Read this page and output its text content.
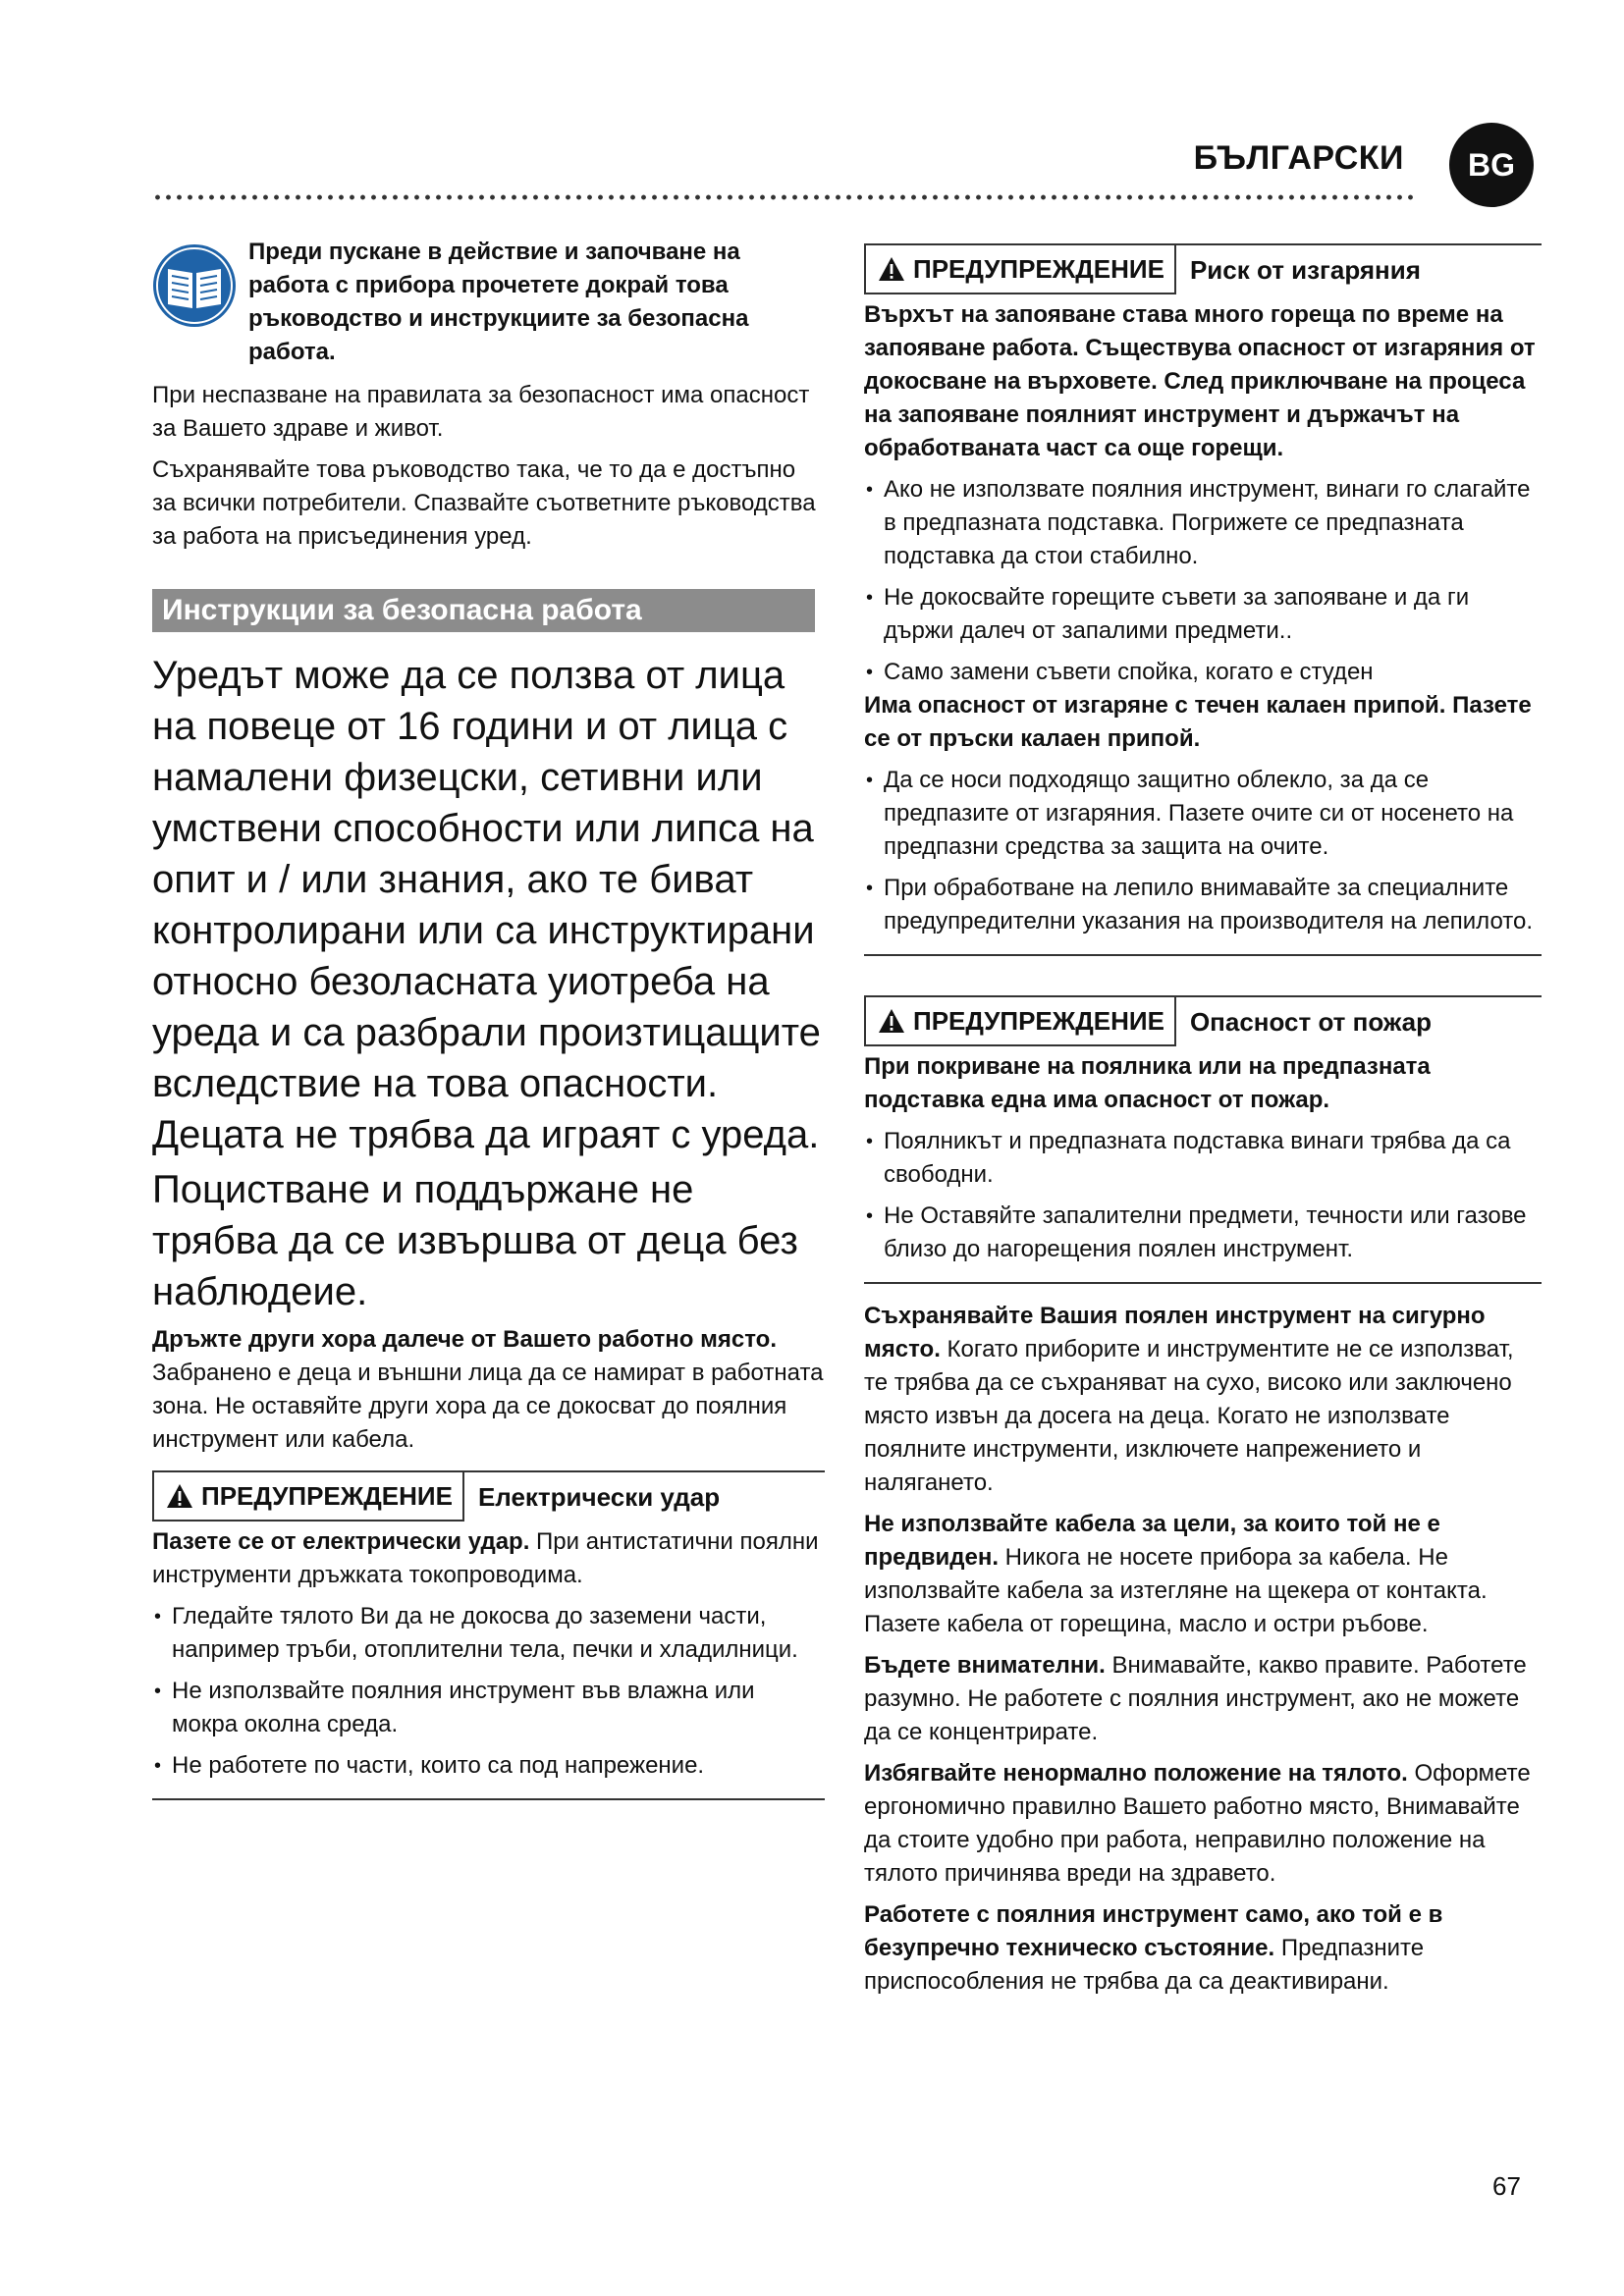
БЪЛГАРСКИ	BG

Преди пускане в действие и започване на работа с прибора прочетете докрай това ръководство и инструкциите за безопасна работа.

При неспазване на правилата за безопасност има опасност за Вашето здраве и живот.

Съхранявайте това ръководство така, че то да е достъпно за всички потребители. Спазвайте съответните ръководства за работа на присъединения уред.

Инструкции за безопасна работа

Уредът може да се ползва от лица на повеце от 16 години и от лица с намалени физецски, сетивни или умствени способности или липса на опит и / или знания, ако те биват контролирани или са инструктирани относно безоласната уиотреба на уреда и са разбрали произтицащите вследствие на това опасности. Децата не трябва да играят с уреда.

Поцистване и поддържане не трябва да се извършва от деца без наблюдеие.

Дръжте други хора далече от Вашето работно място.

Забранено е деца и външни лица да се намират в работната зона. Не оставяйте други хора да се докосват до поялния инструмент или кабела.

ПРЕДУПРЕЖДЕНИЕ	Електрически удар

Пазете се от електрически удар. При антистатични поялни инструменти дръжката токопроводима.

• Гледайте тялото Ви да не докосва до заземени части, например тръби, отоплителни тела, печки и хладилници.
• Не използвайте поялния инструмент във влажна или мокра околна среда.
• Не работете по части, които са под напрежение.
ПРЕДУПРЕЖДЕНИЕ	Риск от изгаряния

Върхът на запояване става много гореща по време на запояване работа. Съществува опасност от изгаряния от докосване на върховете. След приключване на процеса на запояване поялният инструмент и държачът на обработваната част са още горещи.

• Ако не използвате поялния инструмент, винаги го слагайте в предпазната подставка. Погрижете се предпазната подставка да стои стабилно.
• Не докосвайте горещите съвети за запояване и да ги държи далеч от запалими предмети..
• Само замени съвети спойка, когато е студен

Има опасност от изгаряне с течен калаен припой. Пазете се от пръски калаен припой.

• Да се носи подходящо защитно облекло, за да се предпазите от изгаряния. Пазете очите си от носенето на предпазни средства за защита на очите.
• При обработване на лепило внимавайте за специалните предупредителни указания на производителя на лепилото.
ПРЕДУПРЕЖДЕНИЕ	Опасност от пожар

При покриване на поялника или на предпазната подставка една има опасност от пожар.

• Поялникът и предпазната подставка винаги трябва да са свободни.
• Не Оставяйте запалителни предмети, течности или газове близо до нагорещения поялен инструмент.

Съхранявайте Вашия поялен инструмент на сигурно място. Когато приборите и инструментите не се използват, те трябва да се съхраняват на сухо, високо или заключено място извън да досега на деца. Когато не използвате поялните инструменти, изключете напрежението и налягането.

Не използвайте кабела за цели, за които той не е предвиден. Никога не носете прибора за кабела. Не използвайте кабела за изтегляне на щекера от контакта. Пазете кабела от горещина, масло и остри ръбове.

Бъдете внимателни. Внимавайте, какво правите. Работете разумно. Не работете с поялния инструмент, ако не можете да се концентрирате.

Избягвайте ненормално положение на тялото. Оформете ергономично правилно Вашето работно място, Внимавайте да стоите удобно при работа, неправилно положение на тялото причинява вреди на здравето.

Работете с поялния инструмент само, ако той е в безупречно техническо състояние. Предпазните приспособления не трябва да са деактивирани.

67
